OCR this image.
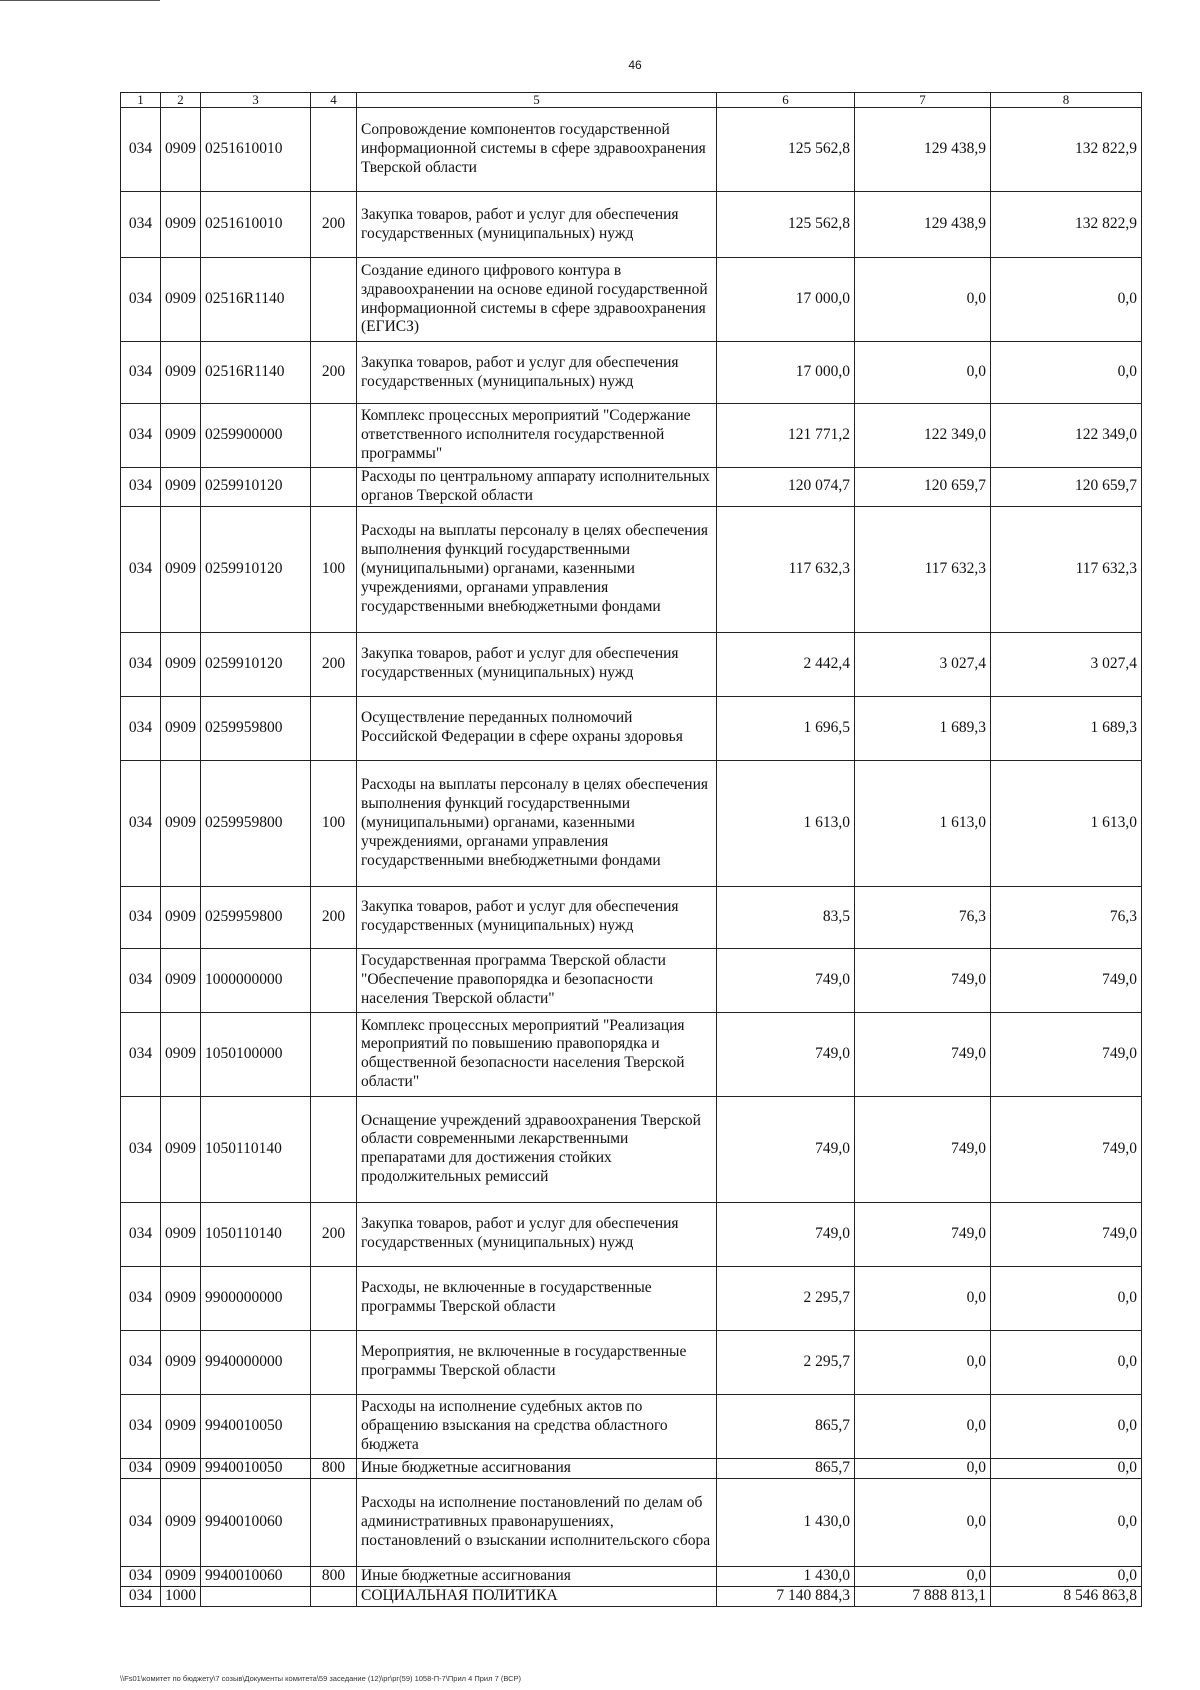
46
1	2	3	4	5	6	7	8
034	0909	0251610010		Сопровождение компонентов государственной информационной системы в сфере здравоохранения Тверской области	125 562,8	129 438,9	132 822,9
034	0909	0251610010	200	Закупка товаров, работ и услуг для обеспечения государственных (муниципальных) нужд	125 562,8	129 438,9	132 822,9
034	0909	02516R1140		Создание единого цифрового контура в здравоохранении на основе единой государственной информационной системы в сфере здравоохранения (ЕГИСЗ)	17 000,0	0,0	0,0
034	0909	02516R1140	200	Закупка товаров, работ и услуг для обеспечения государственных (муниципальных) нужд	17 000,0	0,0	0,0
034	0909	0259900000		Комплекс процессных мероприятий "Содержание ответственного исполнителя государственной программы"	121 771,2	122 349,0	122 349,0
034	0909	0259910120		Расходы по центральному аппарату исполнительных органов Тверской области	120 074,7	120 659,7	120 659,7
034	0909	0259910120	100	Расходы на выплаты персоналу в целях обеспечения выполнения функций государственными (муниципальными) органами, казенными учреждениями, органами управления государственными внебюджетными фондами	117 632,3	117 632,3	117 632,3
034	0909	0259910120	200	Закупка товаров, работ и услуг для обеспечения государственных (муниципальных) нужд	2 442,4	3 027,4	3 027,4
034	0909	0259959800		Осуществление переданных полномочий Российской Федерации в сфере охраны здоровья	1 696,5	1 689,3	1 689,3
034	0909	0259959800	100	Расходы на выплаты персоналу в целях обеспечения выполнения функций государственными (муниципальными) органами, казенными учреждениями, органами управления государственными внебюджетными фондами	1 613,0	1 613,0	1 613,0
034	0909	0259959800	200	Закупка товаров, работ и услуг для обеспечения государственных (муниципальных) нужд	83,5	76,3	76,3
034	0909	1000000000		Государственная программа Тверской области "Обеспечение правопорядка и безопасности населения Тверской области"	749,0	749,0	749,0
034	0909	1050100000		Комплекс процессных мероприятий "Реализация мероприятий по повышению правопорядка и общественной безопасности населения Тверской области"	749,0	749,0	749,0
034	0909	1050110140		Оснащение учреждений здравоохранения Тверской области современными лекарственными препаратами для достижения стойких продолжительных ремиссий	749,0	749,0	749,0
034	0909	1050110140	200	Закупка товаров, работ и услуг для обеспечения государственных (муниципальных) нужд	749,0	749,0	749,0
034	0909	9900000000		Расходы, не включенные в государственные программы Тверской области	2 295,7	0,0	0,0
034	0909	9940000000		Мероприятия, не включенные в государственные программы Тверской области	2 295,7	0,0	0,0
034	0909	9940010050		Расходы на исполнение судебных актов по обращению взыскания на средства областного бюджета	865,7	0,0	0,0
034	0909	9940010050	800	Иные бюджетные ассигнования	865,7	0,0	0,0
034	0909	9940010060		Расходы на исполнение постановлений по делам об административных правонарушениях, постановлений о взыскании исполнительского сбора	1 430,0	0,0	0,0
034	0909	9940010060	800	Иные бюджетные ассигнования	1 430,0	0,0	0,0
034	1000			СОЦИАЛЬНАЯ ПОЛИТИКА	7 140 884,3	7 888 813,1	8 546 863,8
\\Fs01\комитет по бюджету\7 созыв\Документы комитета\59 заседание (12)\рг\рг(59) 1058-П-7\Прил 4 Прил 7 (ВСР)
